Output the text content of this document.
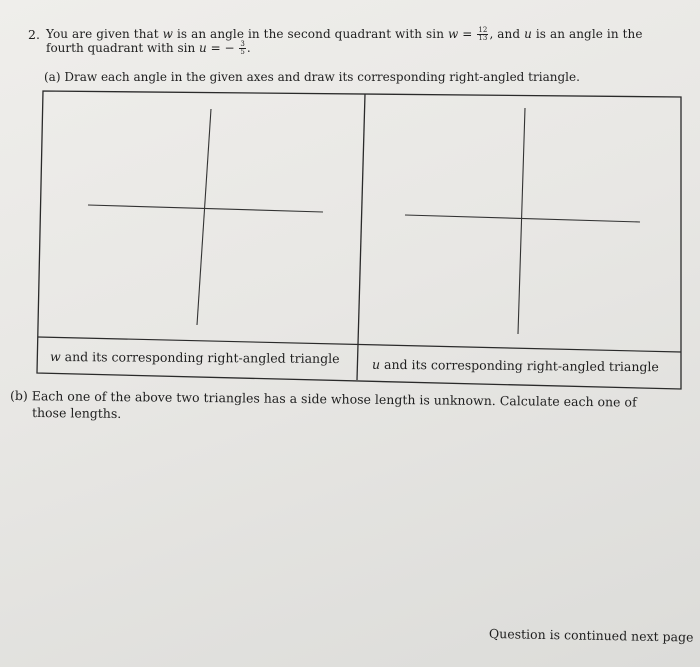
2. You are given that w is an angle in the second quadrant with $\sin w = \frac{12}{13}$ , and u is an angle in the
fourth quadrant with sin u = − $\frac{3}{5}$ .
(a) Draw each angle in the given axes and draw its corresponding right-angled triangle.
w and its corresponding right-angled triangle	u and its corresponding right-angled triangle
(b) Each one of the above two triangles has a side whose length is unknown. Calculate each one of
those lengths.
Question is continued next page
